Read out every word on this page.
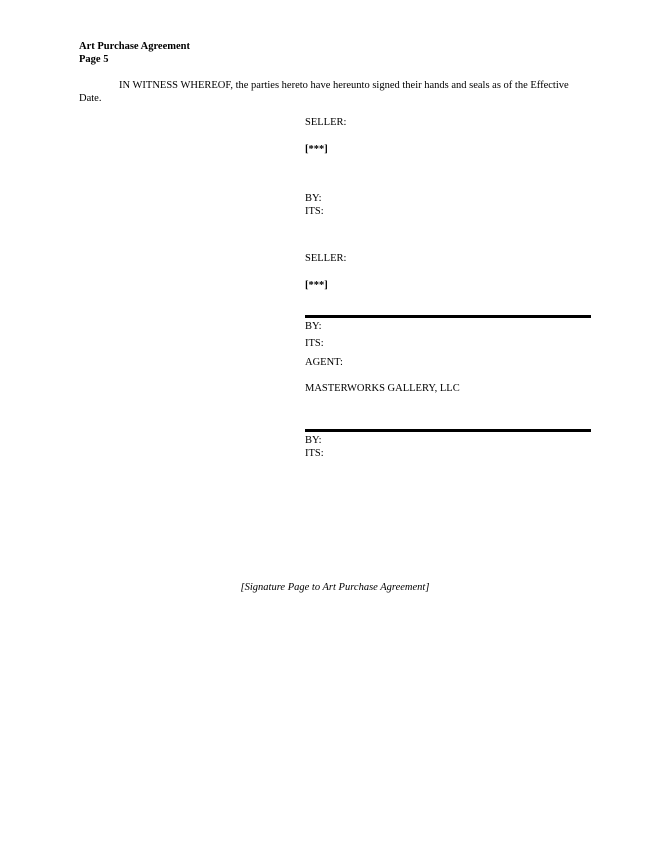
Art Purchase Agreement
Page 5
IN WITNESS WHEREOF, the parties hereto have hereunto signed their hands and seals as of the Effective
Date.
SELLER:
[***]
BY:
ITS:
SELLER:
[***]
BY:
ITS:
AGENT:
MASTERWORKS GALLERY, LLC
BY:
ITS:
[Signature Page to Art Purchase Agreement]
